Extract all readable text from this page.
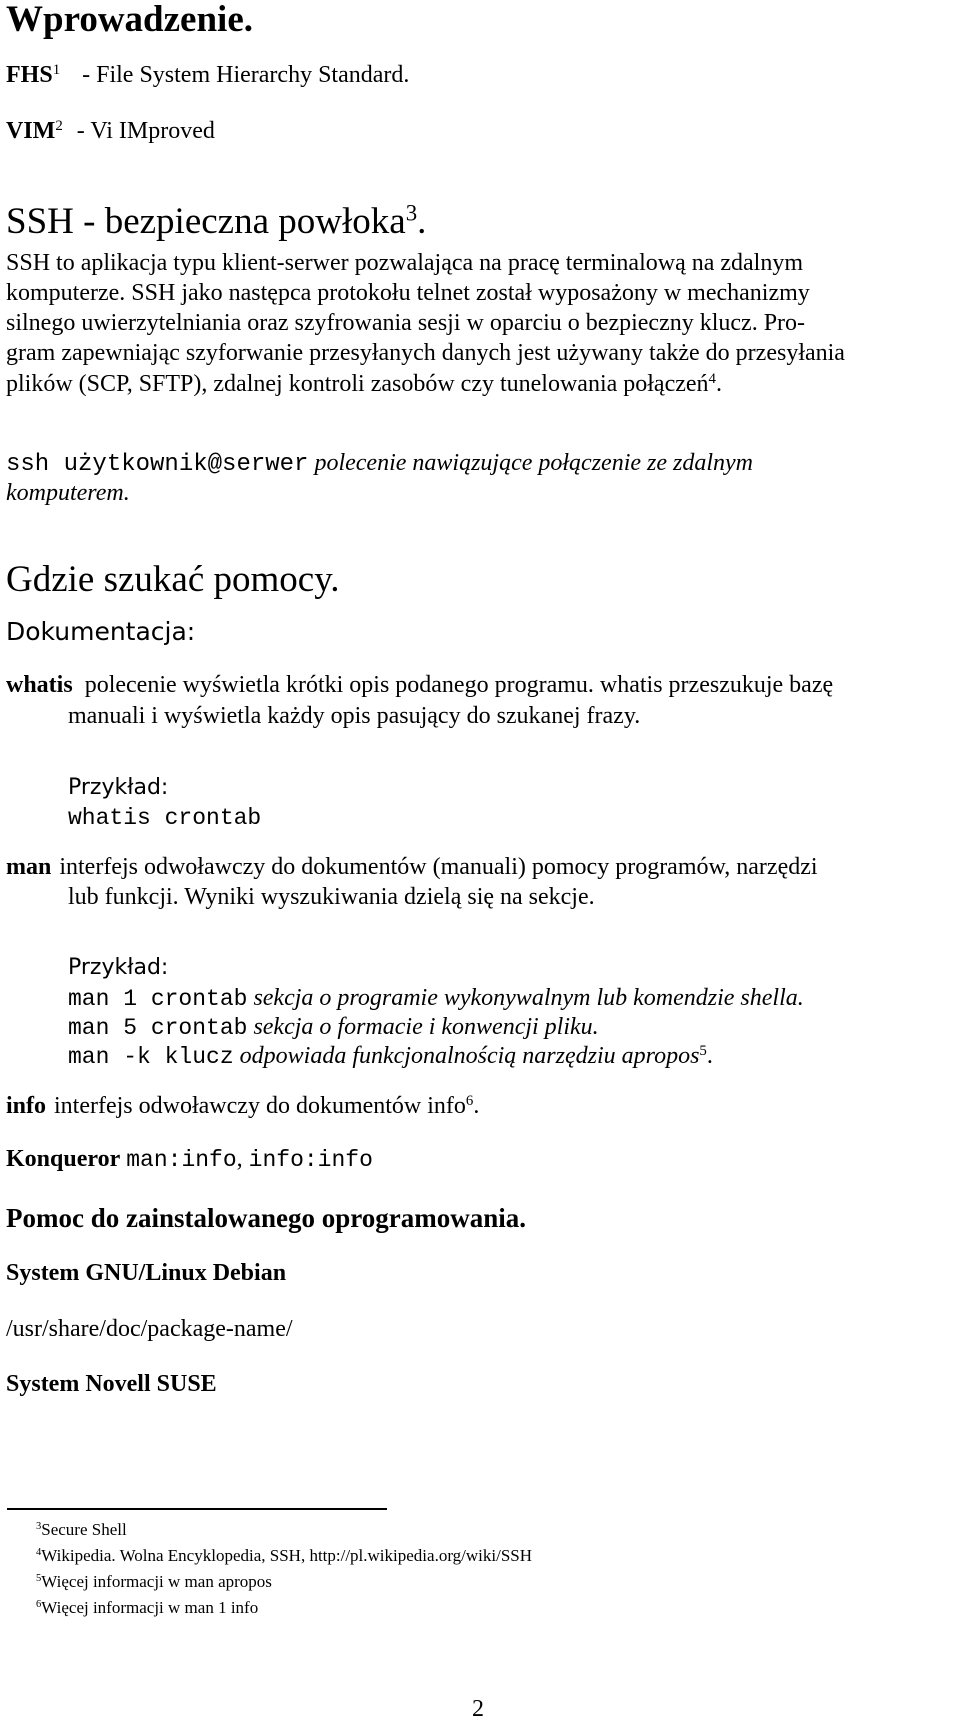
Wprowadzenie.
FHS$^1$ - File System Hierarchy Standard.
VIM$^2$ - Vi IMproved
SSH - bezpieczna powłoka$^3$.
SSH to aplikacja typu klient-serwer pozwalająca na pracę terminalową na zdalnym
komputerze. SSH jako następca protokołu telnet został wyposażony w mechanizmy
silnego uwierzytelniania oraz szyfrowania sesji w oparciu o bezpieczny klucz. Pro-
gram zapewniając szyforwanie przesyłanych danych jest używany także do przesyłania
plików (SCP, SFTP), zdalnej kontroli zasobów czy tunelowania połączeń$^4$.
ssh użytkownik@serwer polecenie nawiązujące połączenie ze zdalnym
komputerem.
Gdzie szukać pomocy.
Dokumentacja:
whatis polecenie wyświetla krótki opis podanego programu. whatis przeszukuje bazę
manuali i wyświetla każdy opis pasujący do szukanej frazy.
Przykład:
whatis crontab
man interfejs odwoławczy do dokumentów (manuali) pomocy programów, narzędzi
lub funkcji. Wyniki wyszukiwania dzielą się na sekcje.
Przykład:
man 1 crontab sekcja o programie wykonywalnym lub komendzie shella.
man 5 crontab sekcja o formacie i konwencji pliku.
man -k klucz odpowiada funkcjonalnością narzędziu apropos$^5$.
info interfejs odwoławczy do dokumentów info$^6$.
Konqueror man:info, info:info
Pomoc do zainstalowanego oprogramowania.
System GNU/Linux Debian
/usr/share/doc/package-name/
System Novell SUSE
$^3$Secure Shell
$^4$Wikipedia. Wolna Encyklopedia, SSH, http://pl.wikipedia.org/wiki/SSH
$^5$Więcej informacji w man apropos
$^6$Więcej informacji w man 1 info
2
